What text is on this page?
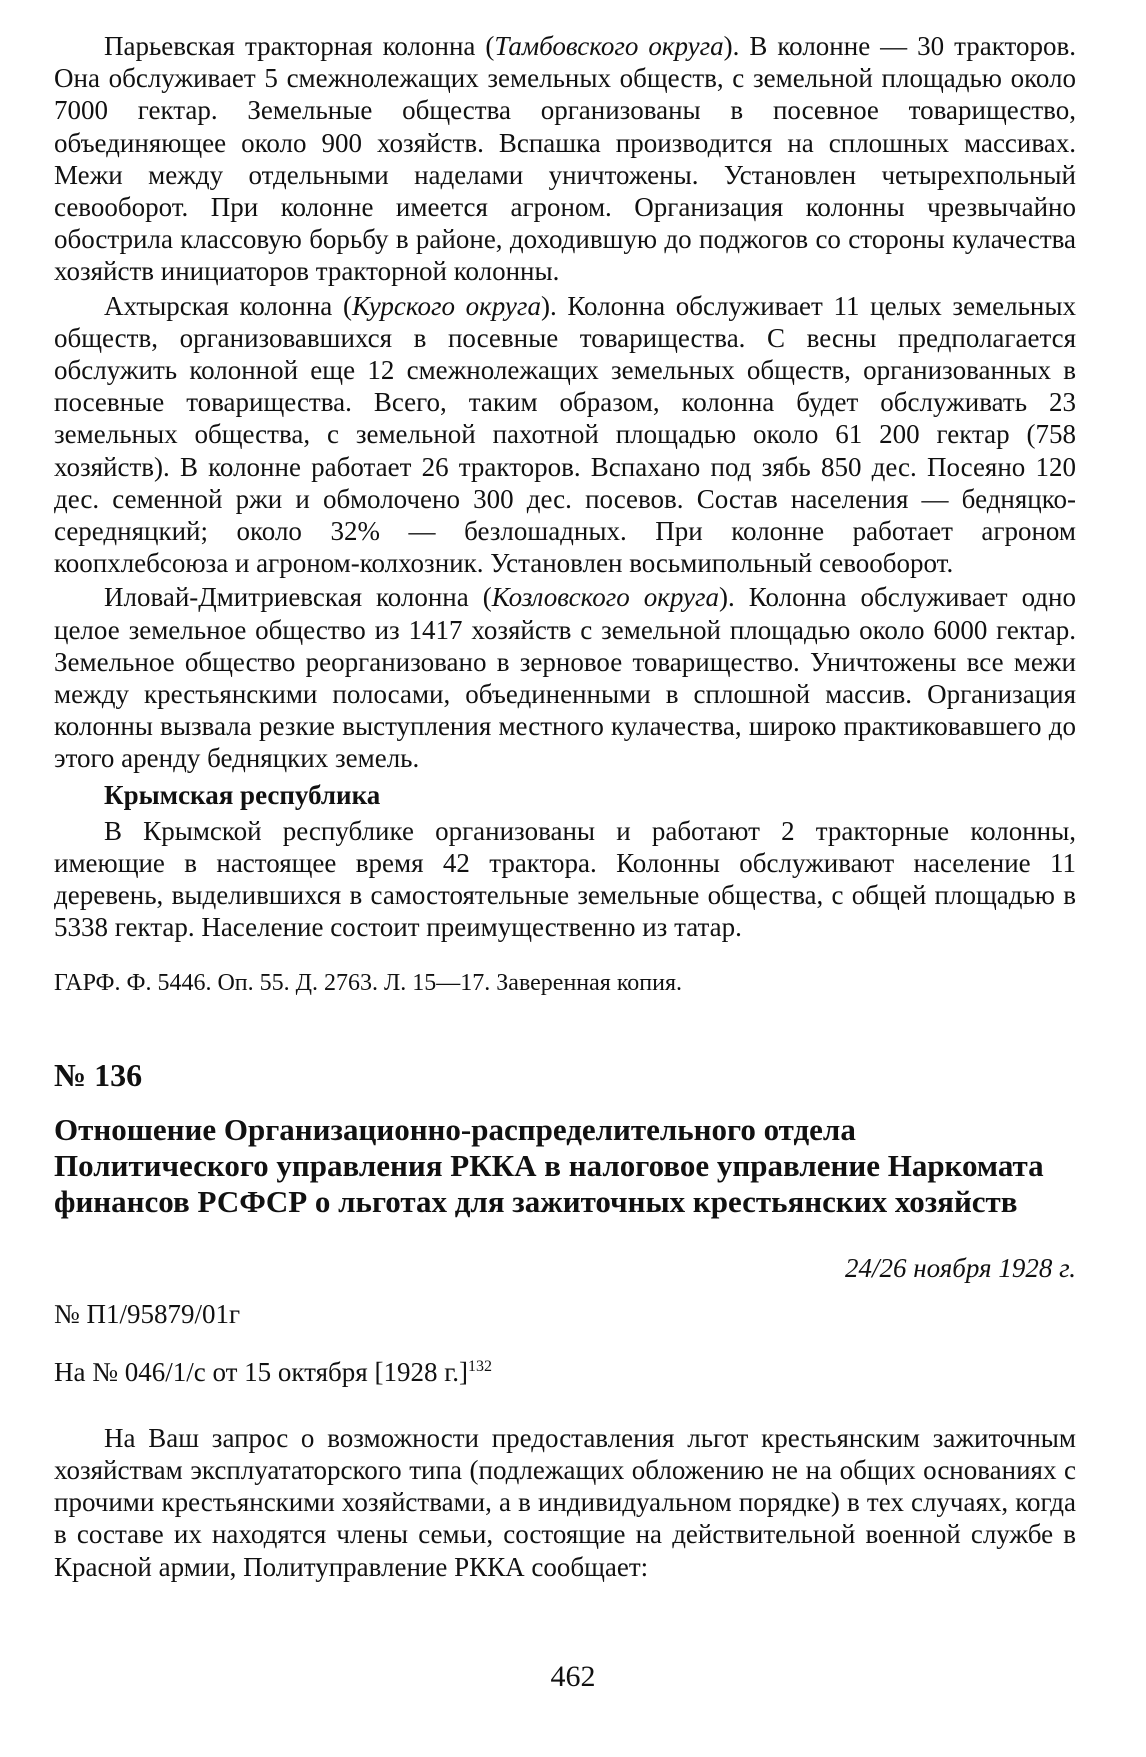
Парьевская тракторная колонна (Тамбовского округа). В колонне — 30 тракторов. Она обслуживает 5 смежнолежащих земельных обществ, с земельной площадью около 7000 гектар. Земельные общества организованы в посевное товарищество, объединяющее около 900 хозяйств. Вспашка производится на сплошных массивах. Межи между отдельными наделами уничтожены. Установлен четырехпольный севооборот. При колонне имеется агроном. Организация колонны чрезвычайно обострила классовую борьбу в районе, доходившую до поджогов со стороны кулачества хозяйств инициаторов тракторной колонны.

Ахтырская колонна (Курского округа). Колонна обслуживает 11 целых земельных обществ, организовавшихся в посевные товарищества. С весны предполагается обслужить колонной еще 12 смежнолежащих земельных обществ, организованных в посевные товарищества. Всего, таким образом, колонна будет обслуживать 23 земельных общества, с земельной пахотной площадью около 61 200 гектар (758 хозяйств). В колонне работает 26 тракторов. Вспахано под зябь 850 дес. Посеяно 120 дес. семенной ржи и обмолочено 300 дес. посевов. Состав населения — бедняцко-середняцкий; около 32% — безлошадных. При колонне работает агроном коопхлебсоюза и агроном-колхозник. Установлен восьмипольный севооборот.

Иловай-Дмитриевская колонна (Козловского округа). Колонна обслуживает одно целое земельное общество из 1417 хозяйств с земельной площадью около 6000 гектар. Земельное общество реорганизовано в зерновое товарищество. Уничтожены все межи между крестьянскими полосами, объединенными в сплошной массив. Организация колонны вызвала резкие выступления местного кулачества, широко практиковавшего до этого аренду бедняцких земель.

Крымская республика

В Крымской республике организованы и работают 2 тракторные колонны, имеющие в настоящее время 42 трактора. Колонны обслуживают население 11 деревень, выделившихся в самостоятельные земельные общества, с общей площадью в 5338 гектар. Население состоит преимущественно из татар.

ГАРФ. Ф. 5446. Оп. 55. Д. 2763. Л. 15—17. Заверенная копия.

№ 136
Отношение Организационно-распределительного отдела Политического управления РККА в налоговое управление Наркомата финансов РСФСР о льготах для зажиточных крестьянских хозяйств
24/26 ноября 1928 г.
№ П1/95879/01г
На № 046/1/с от 15 октября [1928 г.]$^{132}$

На Ваш запрос о возможности предоставления льгот крестьянским зажиточным хозяйствам эксплуататорского типа (подлежащих обложению не на общих основаниях с прочими крестьянскими хозяйствами, а в индивидуальном порядке) в тех случаях, когда в составе их находятся члены семьи, состоящие на действительной военной службе в Красной армии, Политуправление РККА сообщает:

462
